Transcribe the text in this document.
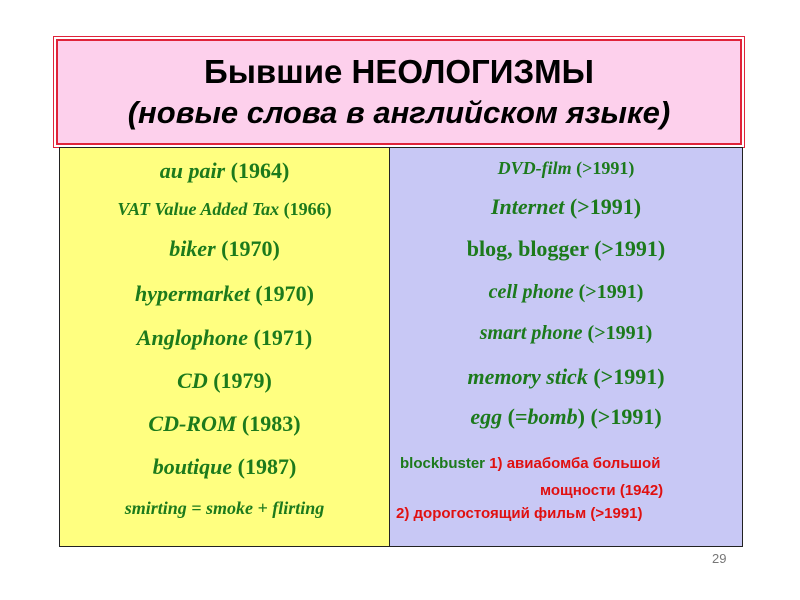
Бывшие НЕОЛОГИЗМЫ
(новые слова в английском языке)
au pair (1964)
VAT Value Added Tax (1966)
biker (1970)
hypermarket (1970)
Anglophone (1971)
CD (1979)
CD-ROM (1983)
boutique (1987)
smirting = smoke + flirting
DVD-film (>1991)
Internet (>1991)
blog, blogger (>1991)
cell phone (>1991)
smart phone (>1991)
memory stick (>1991)
egg (=bomb) (>1991)
blockbuster 1) авиабомба большой
мощности (1942)
2) дорогостоящий фильм (>1991)
29
